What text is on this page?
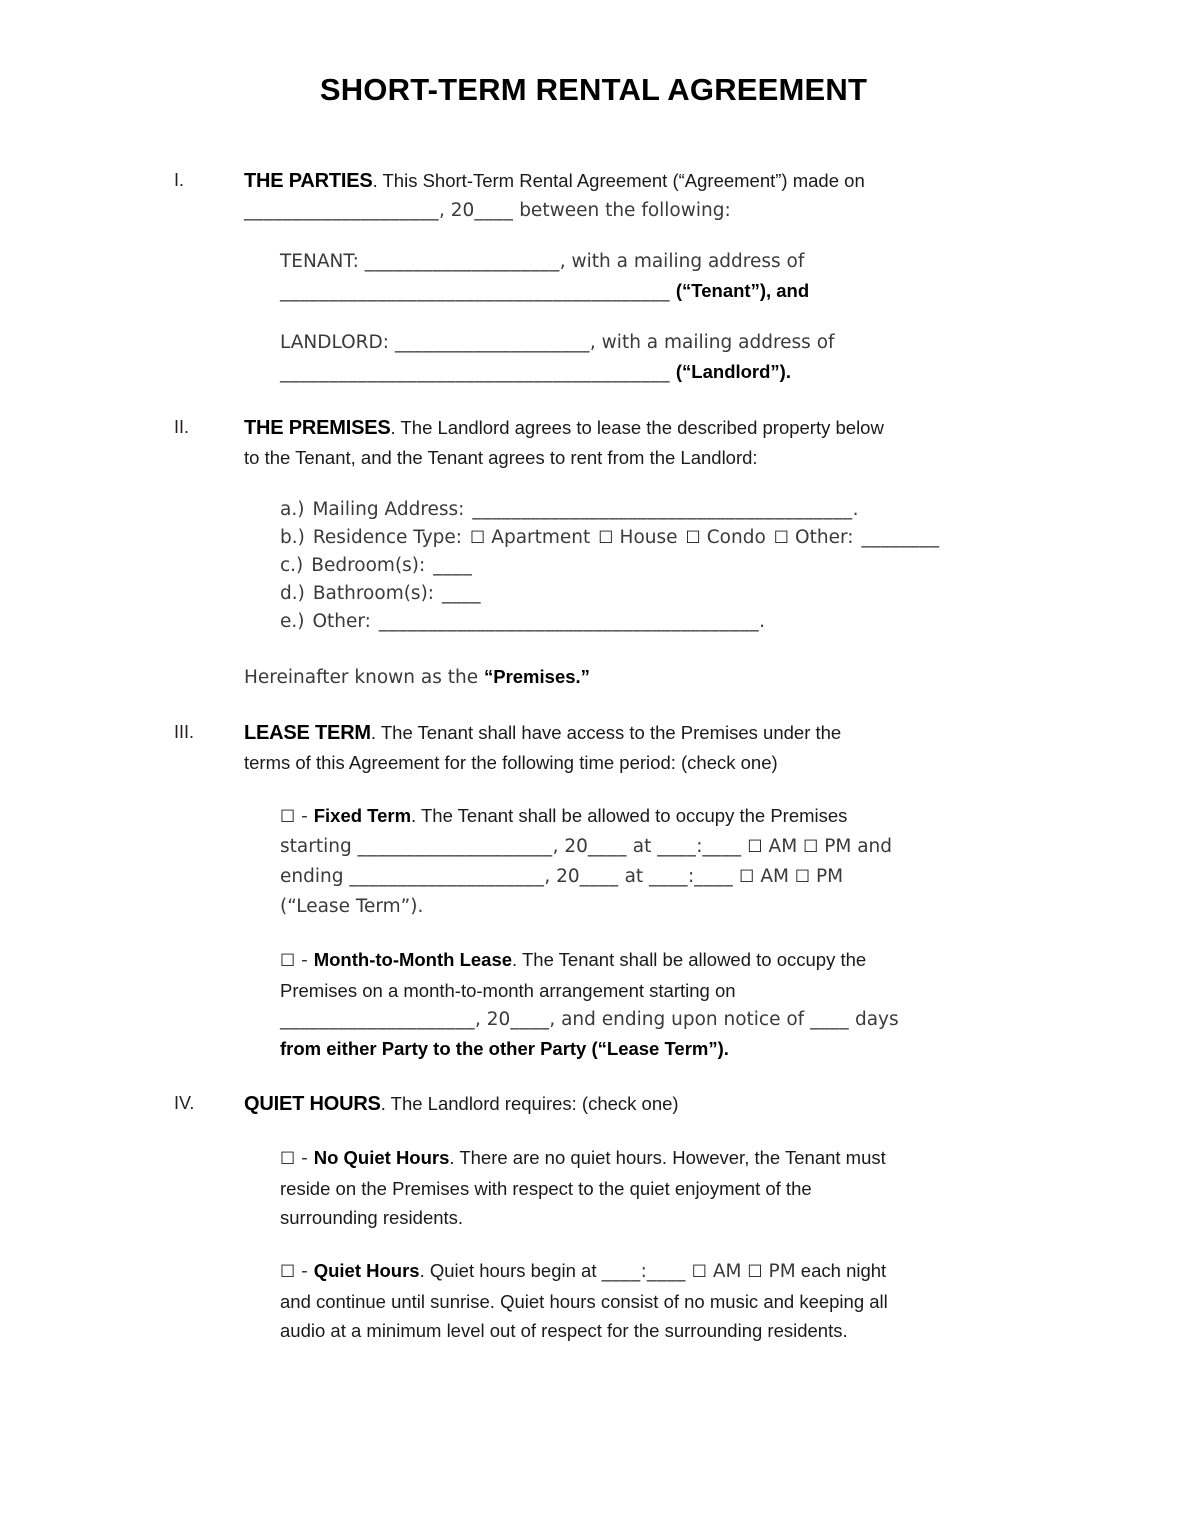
SHORT-TERM RENTAL AGREEMENT
I.	THE PARTIES. This Short-Term Rental Agreement (“Agreement”) made on
____________________, 20____ between the following:
TENANT: ____________________, with a mailing address of
________________________________________ (“Tenant”), and
LANDLORD: ____________________, with a mailing address of
________________________________________ (“Landlord”).
II.	THE PREMISES. The Landlord agrees to lease the described property below
to the Tenant, and the Tenant agrees to rent from the Landlord:
a.) Mailing Address: _______________________________________ .
b.) Residence Type: ☐ Apartment ☐ House ☐ Condo ☐ Other: ________
c.) Bedroom(s): ____
d.) Bathroom(s): ____
e.) Other: _______________________________________ .
Hereinafter known as the “Premises.”
III.	LEASE TERM. The Tenant shall have access to the Premises under the
terms of this Agreement for the following time period: (check one)
☐ - Fixed Term. The Tenant shall be allowed to occupy the Premises
starting ____________________, 20____ at ____:____ ☐ AM ☐ PM and
ending ____________________, 20____ at ____:____ ☐ AM ☐ PM
(“Lease Term”).
☐ - Month-to-Month Lease. The Tenant shall be allowed to occupy the
Premises on a month-to-month arrangement starting on
____________________, 20____, and ending upon notice of ____ days
from either Party to the other Party (“Lease Term”).
IV.	QUIET HOURS. The Landlord requires: (check one)
☐ - No Quiet Hours. There are no quiet hours. However, the Tenant must
reside on the Premises with respect to the quiet enjoyment of the
surrounding residents.
☐ - Quiet Hours. Quiet hours begin at ____:____ ☐ AM ☐ PM each night
and continue until sunrise. Quiet hours consist of no music and keeping all
audio at a minimum level out of respect for the surrounding residents.
